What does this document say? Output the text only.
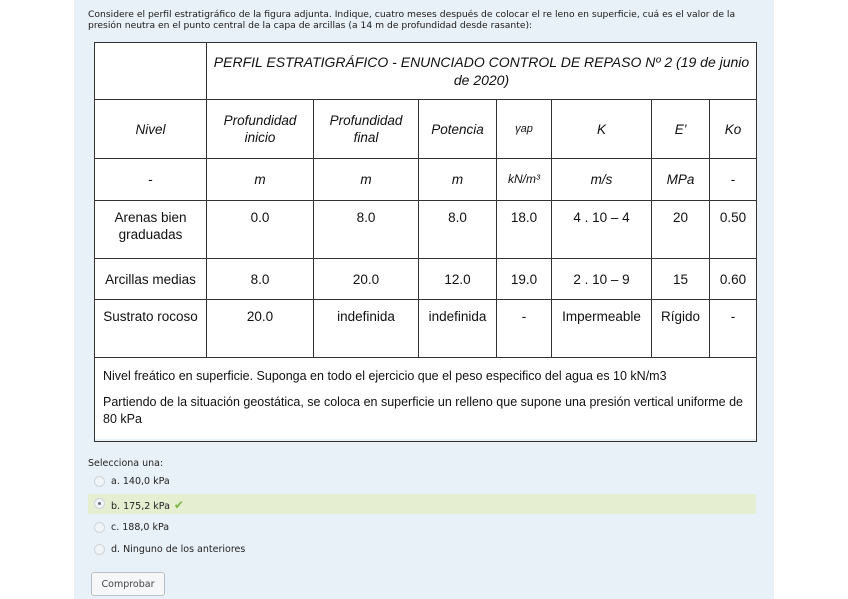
Considere el perfil estratigráfico de la figura adjunta. Indique, cuatro meses después de colocar el re leno en superficie, cuá es el valor de la presión neutra en el punto central de la capa de arcillas (a 14 m de profundidad desde rasante):
	PERFIL ESTRATIGRÁFICO - ENUNCIADO CONTROL DE REPASO Nº 2 (19 de junio de 2020)						
Nivel	Profundidad inicio	Profundidad final	Potencia	γap	K	E'	Ko
-	m	m	m	kN/m³	m/s	MPa	-
Arenas bien graduadas	0.0	8.0	8.0	18.0	4 . 10 – 4	20	0.50
Arcillas medias	8.0	20.0	12.0	19.0	2 . 10 – 9	15	0.60
Sustrato rocoso	20.0	indefinida	indefinida	-	Impermeable	Rígido	-

Nivel freático en superficie. Suponga en todo el ejercicio que el peso especifico del agua es 10 kN/m3

Partiendo de la situación geostática, se coloca en superficie un relleno que supone una presión vertical uniforme de 80 kPa							

Selecciona una:
a. 140,0 kPa
b. 175,2 kPa ✔
c. 188,0 kPa
d. Ninguno de los anteriores
Comprobar
